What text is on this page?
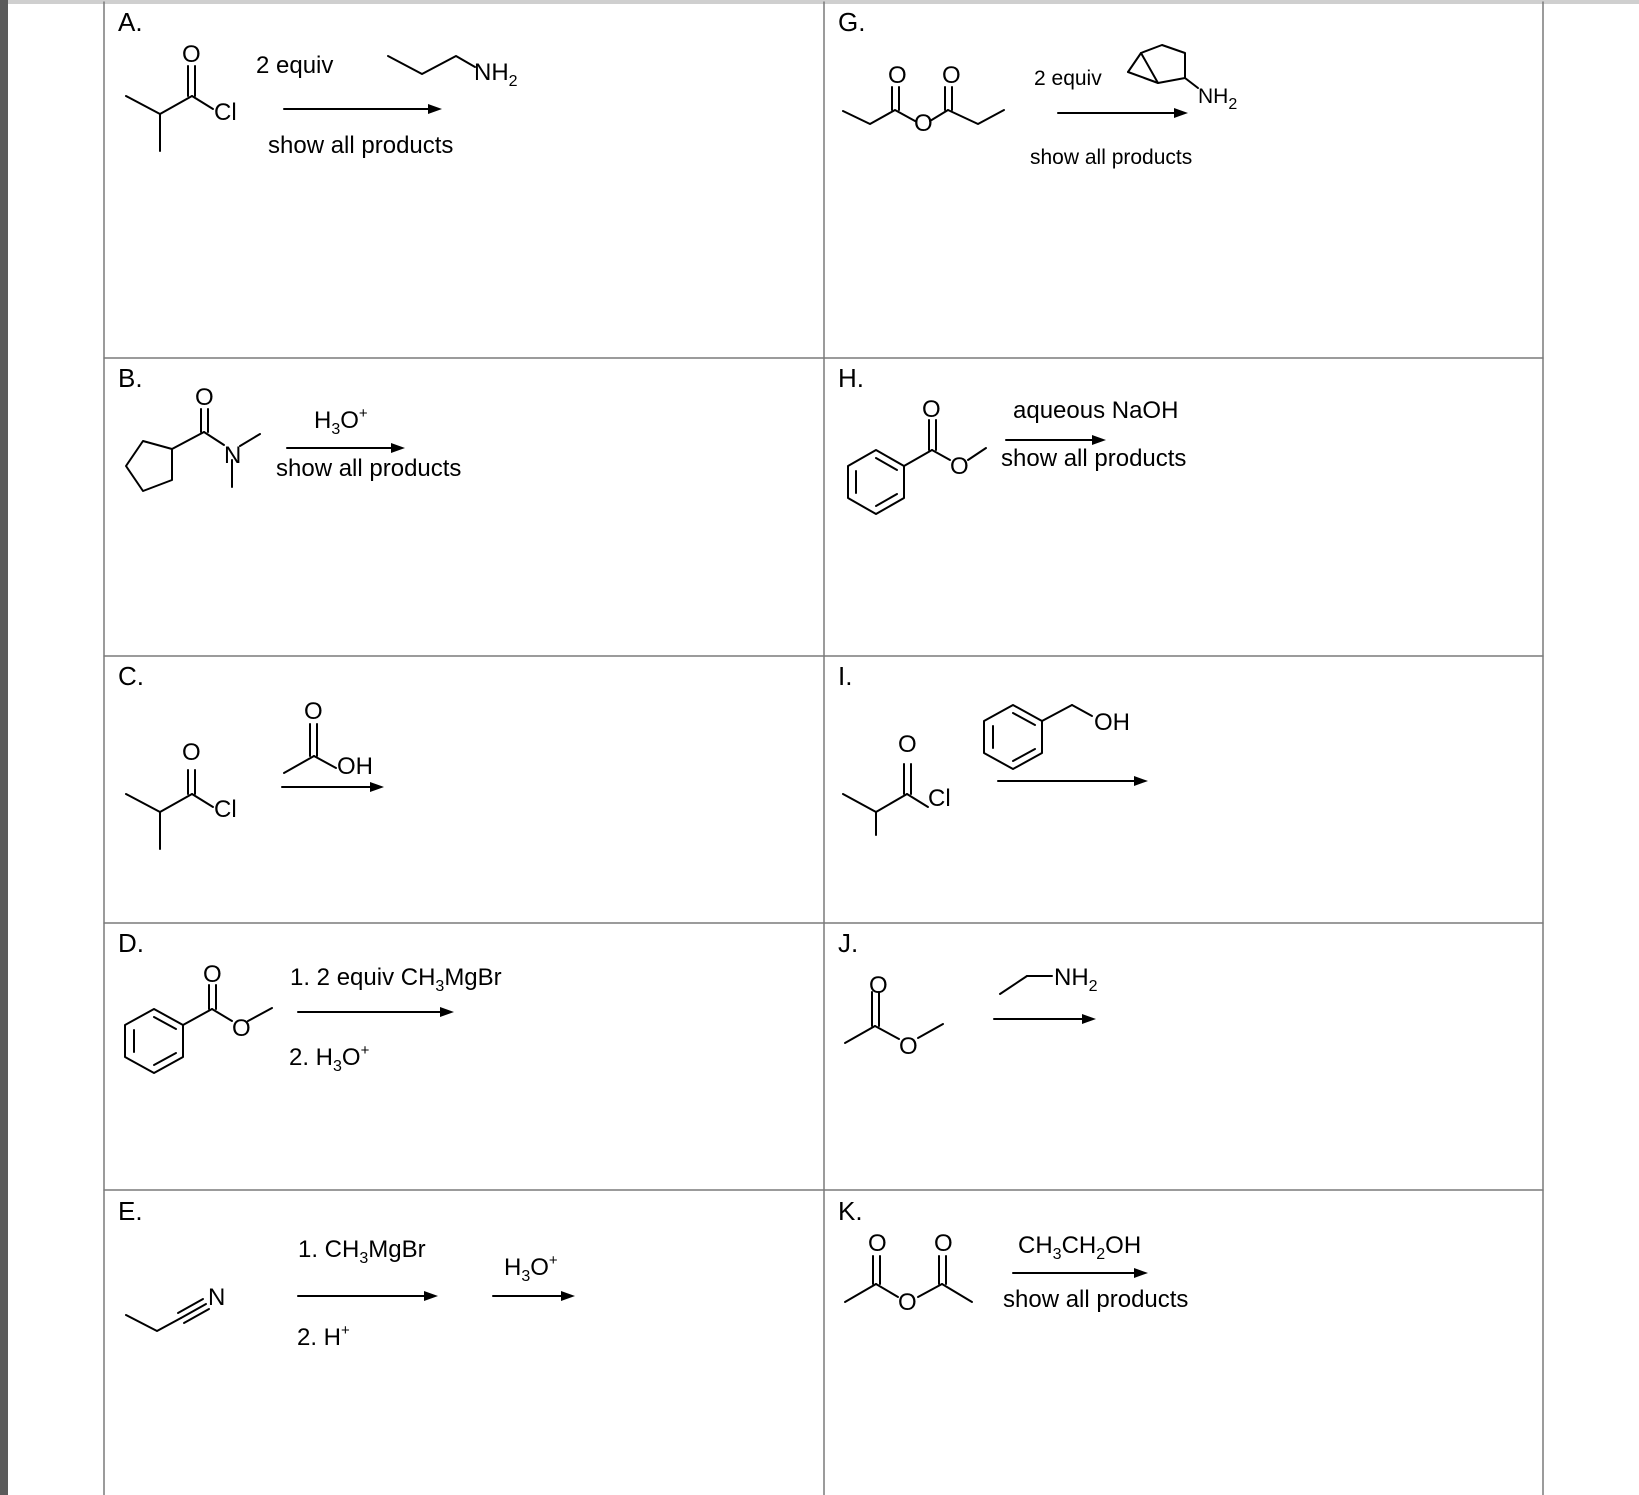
A.
O
Cl
2 equiv	$NH_2$
show all products
B.
O
N
$H_3O^+$
show all products
C.
O
Cl
O
OH
D.
O
O
1. 2 equiv $CH_3MgBr$
2. $H_3O^+$
E.
N
1. $CH_3MgBr$
2. H+
$H_3O^+$
G.
O
O
O	2 equiv
$NH_2$
show all products
H.
O
O
aqueous NaOH
show all products
I.
O
Cl
OH
J.
O
O
$NH_2$
K.
O
O
O	$CH_3CH_2OH$
show all products
